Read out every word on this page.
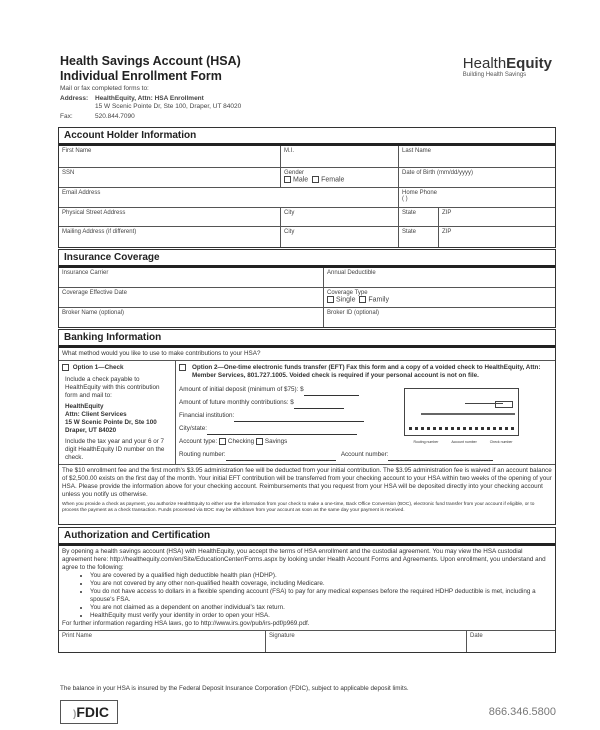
Health Savings Account (HSA)
Individual Enrollment Form
Mail or fax completed forms to:
Address: HealthEquity, Attn: HSA Enrollment
15 W Scenic Pointe Dr, Ste 100, Draper, UT 84020
Fax:	520.844.7090
HealthEquity
Building Health Savings
Account Holder Information
First Name	M.I.	Last Name
SSN	Gender
Male Female
Date of Birth (mm/dd/yyyy)
Email Address	Home Phone
( )
Physical Street Address	City	State	ZIP
Mailing Address (if different)	City	State	ZIP
Insurance Coverage
Insurance Carrier	Annual Deductible
Coverage Effective Date	Coverage Type
Single Family
Broker Name (optional)	Broker ID (optional)
Banking Information
What method would you like to use to make contributions to your HSA?
Option 1—Check
Include a check payable to HealthEquity with this contribution form and mail to:
HealthEquity
Attn: Client Services
15 W Scenic Pointe Dr, Ste 100
Draper, UT 84020
Include the tax year and your 6 or 7 digit HealthEquity ID number on the check.
Option 2—One-time electronic funds transfer (EFT) Fax this form and a copy of a voided check to HealthEquity, Attn: Member Services, 801.727.1005. Voided check is required if your personal account is not on file.
Amount of initial deposit (minimum of $75): $
Amount of future monthly contributions: $
Financial institution:
City/state:
Account type: Checking Savings
Routing number:	Account number:
Routing number	Account number	Check number
The $10 enrollment fee and the first month's $3.95 administration fee will be deducted from your initial contribution. The $3.95 administration fee is waived if an account balance of $2,500.00 exists on the first day of the month. Your initial EFT contribution will be transferred from your checking account to your HSA within two weeks of the opening of your HSA. Please provide the information above for your checking account. Reimbursements that you request from your HSA will be deposited directly into your checking account unless you notify us otherwise.
When you provide a check as payment, you authorize HealthEquity to either use the information from your check to make a one-time, Back Office Conversion (BOC), electronic fund transfer from your account if eligible, or to process the payment as a check transaction. Funds processed via BOC may be withdrawn from your account as soon as the same day your payment is received.
Authorization and Certification
By opening a health savings account (HSA) with HealthEquity, you accept the terms of HSA enrollment and the custodial agreement. You may view the HSA custodial agreement here: http://healthequity.com/en/Site/EducationCenter/Forms.aspx by looking under Health Account Forms and Agreements. Upon enrollment, you understand and agree to the following:
• You are covered by a qualified high deductible health plan (HDHP).
• You are not covered by any other non-qualified health coverage, including Medicare.
• You do not have access to dollars in a flexible spending account (FSA) to pay for any medical expenses before the required HDHP deductible is met, including a spouse's FSA.
• You are not claimed as a dependent on another individual's tax return.
• HealthEquity must verify your identity in order to open your HSA.
For further information regarding HSA laws, go to http://www.irs.gov/pub/irs-pdf/p969.pdf.
Print Name	Signature	Date
The balance in your HSA is insured by the Federal Deposit Insurance Corporation (FDIC), subject to applicable deposit limits.
)FDIC	866.346.5800
